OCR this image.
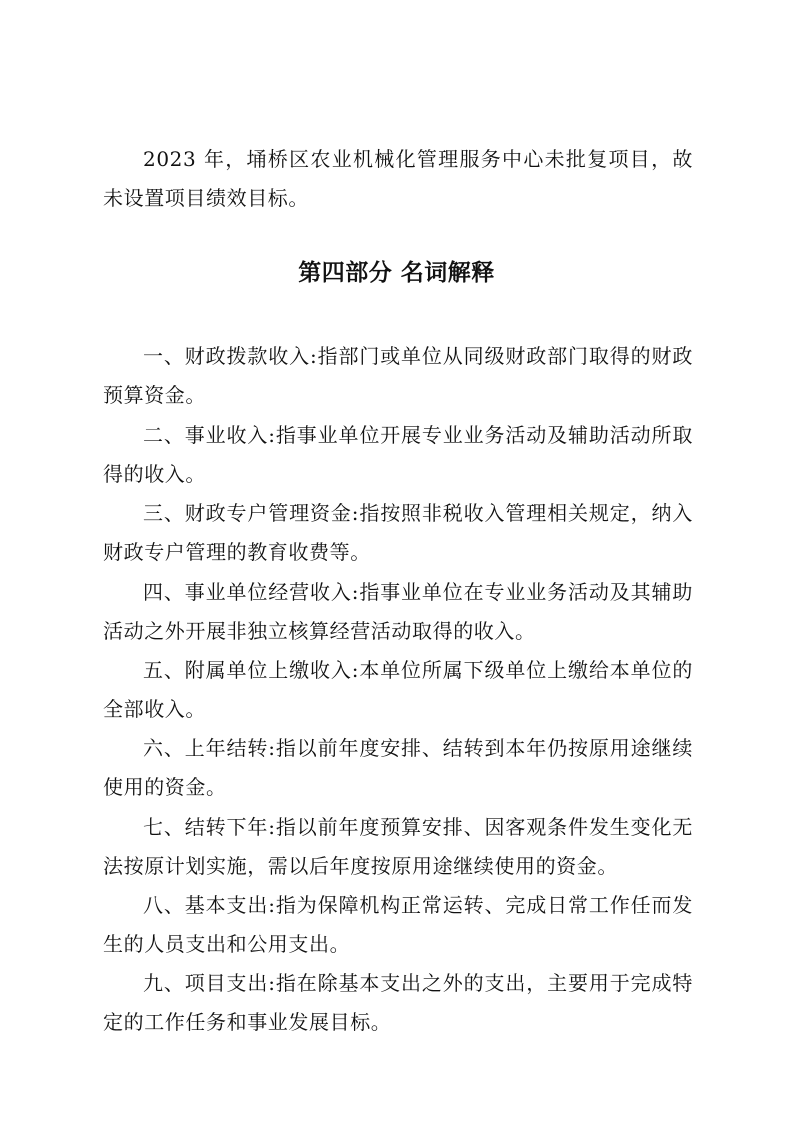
2023 年，埇桥区农业机械化管理服务中心未批复项目，故未设置项目绩效目标。

第四部分 名词解释

一、财政拨款收入:指部门或单位从同级财政部门取得的财政预算资金。

二、事业收入:指事业单位开展专业业务活动及辅助活动所取得的收入。

三、财政专户管理资金:指按照非税收入管理相关规定，纳入财政专户管理的教育收费等。

四、事业单位经营收入:指事业单位在专业业务活动及其辅助活动之外开展非独立核算经营活动取得的收入。

五、附属单位上缴收入:本单位所属下级单位上缴给本单位的全部收入。

六、上年结转:指以前年度安排、结转到本年仍按原用途继续使用的资金。

七、结转下年:指以前年度预算安排、因客观条件发生变化无法按原计划实施，需以后年度按原用途继续使用的资金。

八、基本支出:指为保障机构正常运转、完成日常工作任而发生的人员支出和公用支出。

九、项目支出:指在除基本支出之外的支出，主要用于完成特定的工作任务和事业发展目标。
